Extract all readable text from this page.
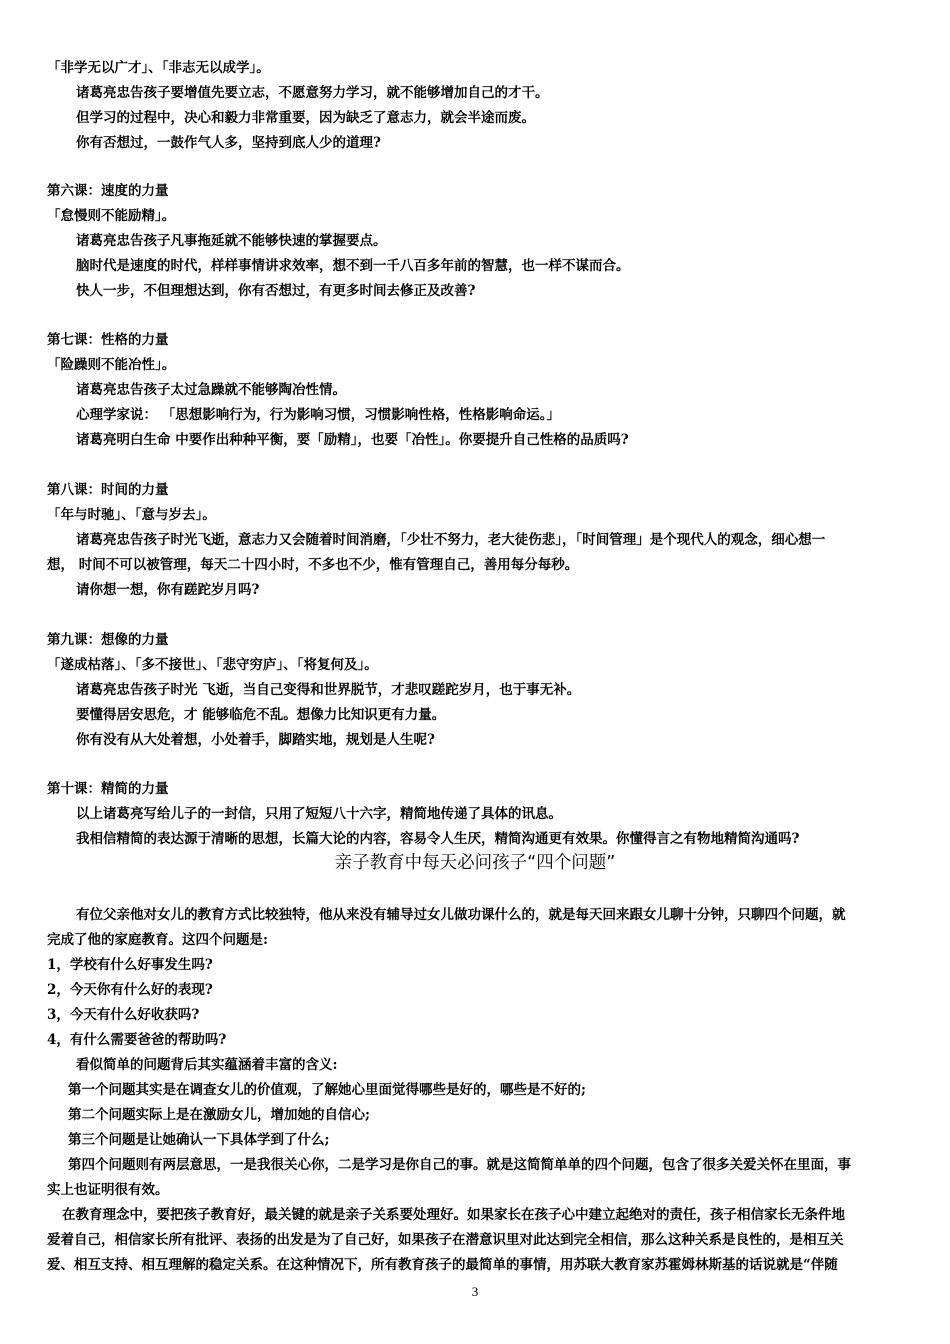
「非学无以广才」、「非志无以成学」。
诸葛亮忠告孩子要增值先要立志，不愿意努力学习，就不能够增加自己的才干。
但学习的过程中，决心和毅力非常重要，因为缺乏了意志力，就会半途而废。
你有否想过，一鼓作气人多，坚持到底人少的道理?
第六课：速度的力量
「怠慢则不能励精」。
诸葛亮忠告孩子凡事拖延就不能够快速的掌握要点。
脑时代是速度的时代，样样事情讲求效率，想不到一千八百多年前的智慧，也一样不谋而合。
快人一步，不但理想达到，你有否想过，有更多时间去修正及改善?
第七课：性格的力量
「险躁则不能冶性」。
诸葛亮忠告孩子太过急躁就不能够陶冶性情。
心理学家说： 「思想影响行为，行为影响习惯，习惯影响性格，性格影响命运。」
诸葛亮明白生命 中要作出种种平衡，要「励精」，也要「冶性」。你要提升自己性格的品质吗?
第八课：时间的力量
「年与时驰」、「意与岁去」。
诸葛亮忠告孩子时光飞逝，意志力又会随着时间消磨，「少壮不努力，老大徒伤悲」，「时间管理」是个现代人的观念，细心想一
想， 时间不可以被管理，每天二十四小时，不多也不少，惟有管理自己，善用每分每秒。
请你想一想，你有蹉跎岁月吗?
第九课：想像的力量
「遂成枯落」、「多不接世」、「悲守穷庐」、「将复何及」。
诸葛亮忠告孩子时光 飞逝，当自己变得和世界脱节，才悲叹蹉跎岁月，也于事无补。
要懂得居安思危，才 能够临危不乱。想像力比知识更有力量。
你有没有从大处着想，小处着手，脚踏实地，规划是人生呢?
第十课：精简的力量
以上诸葛亮写给儿子的一封信，只用了短短八十六字，精简地传递了具体的讯息。
我相信精简的表达源于清晰的思想，长篇大论的内容，容易令人生厌，精简沟通更有效果。你懂得言之有物地精简沟通吗?
亲子教育中每天必问孩子“四个问题”
有位父亲他对女儿的教育方式比较独特，他从来没有辅导过女儿做功课什么的，就是每天回来跟女儿聊十分钟，只聊四个问题，就
完成了他的家庭教育。这四个问题是:
1，学校有什么好事发生吗?
2，今天你有什么好的表现?
3，今天有什么好收获吗?
4，有什么需要爸爸的帮助吗?
看似简单的问题背后其实蕴涵着丰富的含义:
第一个问题其实是在调查女儿的价值观，了解她心里面觉得哪些是好的，哪些是不好的;
第二个问题实际上是在激励女儿，增加她的自信心;
第三个问题是让她确认一下具体学到了什么;
第四个问题则有两层意思，一是我很关心你，二是学习是你自己的事。就是这简简单单的四个问题，包含了很多关爱关怀在里面，事
实上也证明很有效。
在教育理念中，要把孩子教育好，最关键的就是亲子关系要处理好。如果家长在孩子心中建立起绝对的责任，孩子相信家长无条件地
爱着自己，相信家长所有批评、表扬的出发是为了自己好，如果孩子在潜意识里对此达到完全相信，那么这种关系是良性的，是相互关
爱、相互支持、相互理解的稳定关系。在这种情况下，所有教育孩子的最简单的事情，用苏联大教育家苏霍姆林斯基的话说就是“伴随
3
